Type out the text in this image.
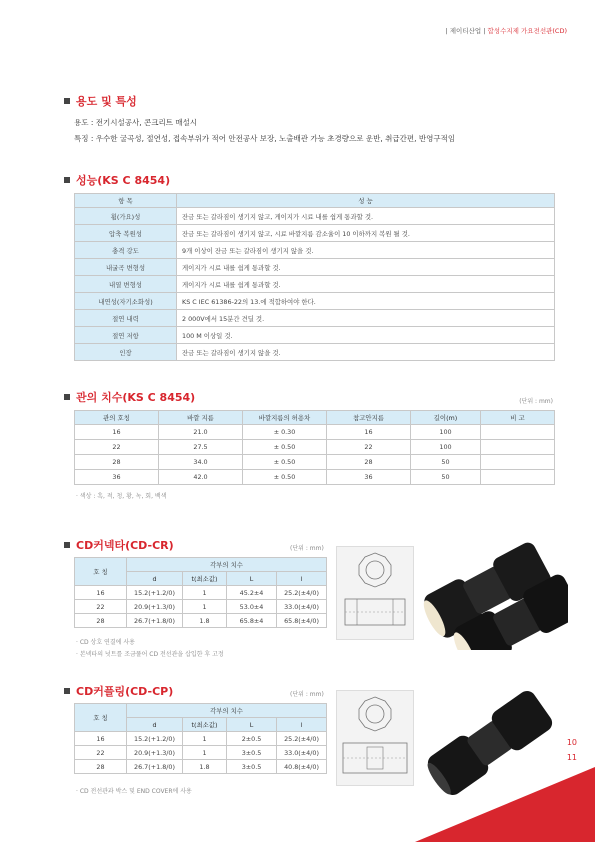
| 제이티산업 | 합성수지제 가요전선관(CD)
용도 및 특성
용도 : 전기시설공사, 콘크리트 매설시
특징 : 우수한 굴곡성, 절연성, 접속부위가 적어 안전공사 보장, 노출배관 가능 초경량으로 운반, 취급간편, 반영구적임
성능(KS C 8454)
항 목	성 능
휨(가요)성	잔금 또는 갈라짐이 생기지 않고, 게이지가 시료 내를 쉽게 통과할 것.
압축 복원성	잔금 또는 갈라짐이 생기지 않고, 시료 바깥지름 감소율이 10 이하까지 복원 될 것.
충격 강도	9개 이상이 잔금 또는 갈라짐이 생기지 않을 것.
내굴곡 변형성	게이지가 시료 내를 쉽게 통과할 것.
내열 변형성	게이지가 시료 내를 쉽게 통과할 것.
내연성(자기소화성)	KS C IEC 61386-22의 13.에 적합하여야 한다.
절연 내력	2 000V에서 15분간 견딜 것.
절연 저항	100 M 이상일 것.
인장	잔금 또는 갈라짐이 생기지 않을 것.
관의 치수(KS C 8454)	(단위 : mm)
관의 호칭	바깥 지름	바깥지름의 허용차	참고안지름	길이(m)	비 고
16	21.0	± 0.30	16	100	
22	27.5	± 0.50	22	100	
28	34.0	± 0.50	28	50	
36	42.0	± 0.50	36	50	
· 색상 : 흑, 적, 청, 황, 녹, 회, 백색
CD커넥타(CD-CR)	(단위 : mm)
호 칭	각부의 치수			
	d	t(최소값)	L	l
16	15.2(+1.2/0)	1	45.2±4	25.2(±4/0)
22	20.9(+1.3/0)	1	53.0±4	33.0(±4/0)
28	26.7(+1.8/0)	1.8	65.8±4	65.8(±4/0)
· CD 상호 연결에 사용
· 본넥타의 넛트를 조금풀어 CD 전선관을 삽입한 후 고정
CD커플링(CD-CP)	(단위 : mm)
호 칭	각부의 치수			
	d	t(최소값)	L	l
16	15.2(+1.2/0)	1	2±0.5	25.2(±4/0)
22	20.9(+1.3/0)	1	3±0.5	33.0(±4/0)
28	26.7(+1.8/0)	1.8	3±0.5	40.8(±4/0)
· CD 전선관과 박스 및 END COVER에 사용
10
11
